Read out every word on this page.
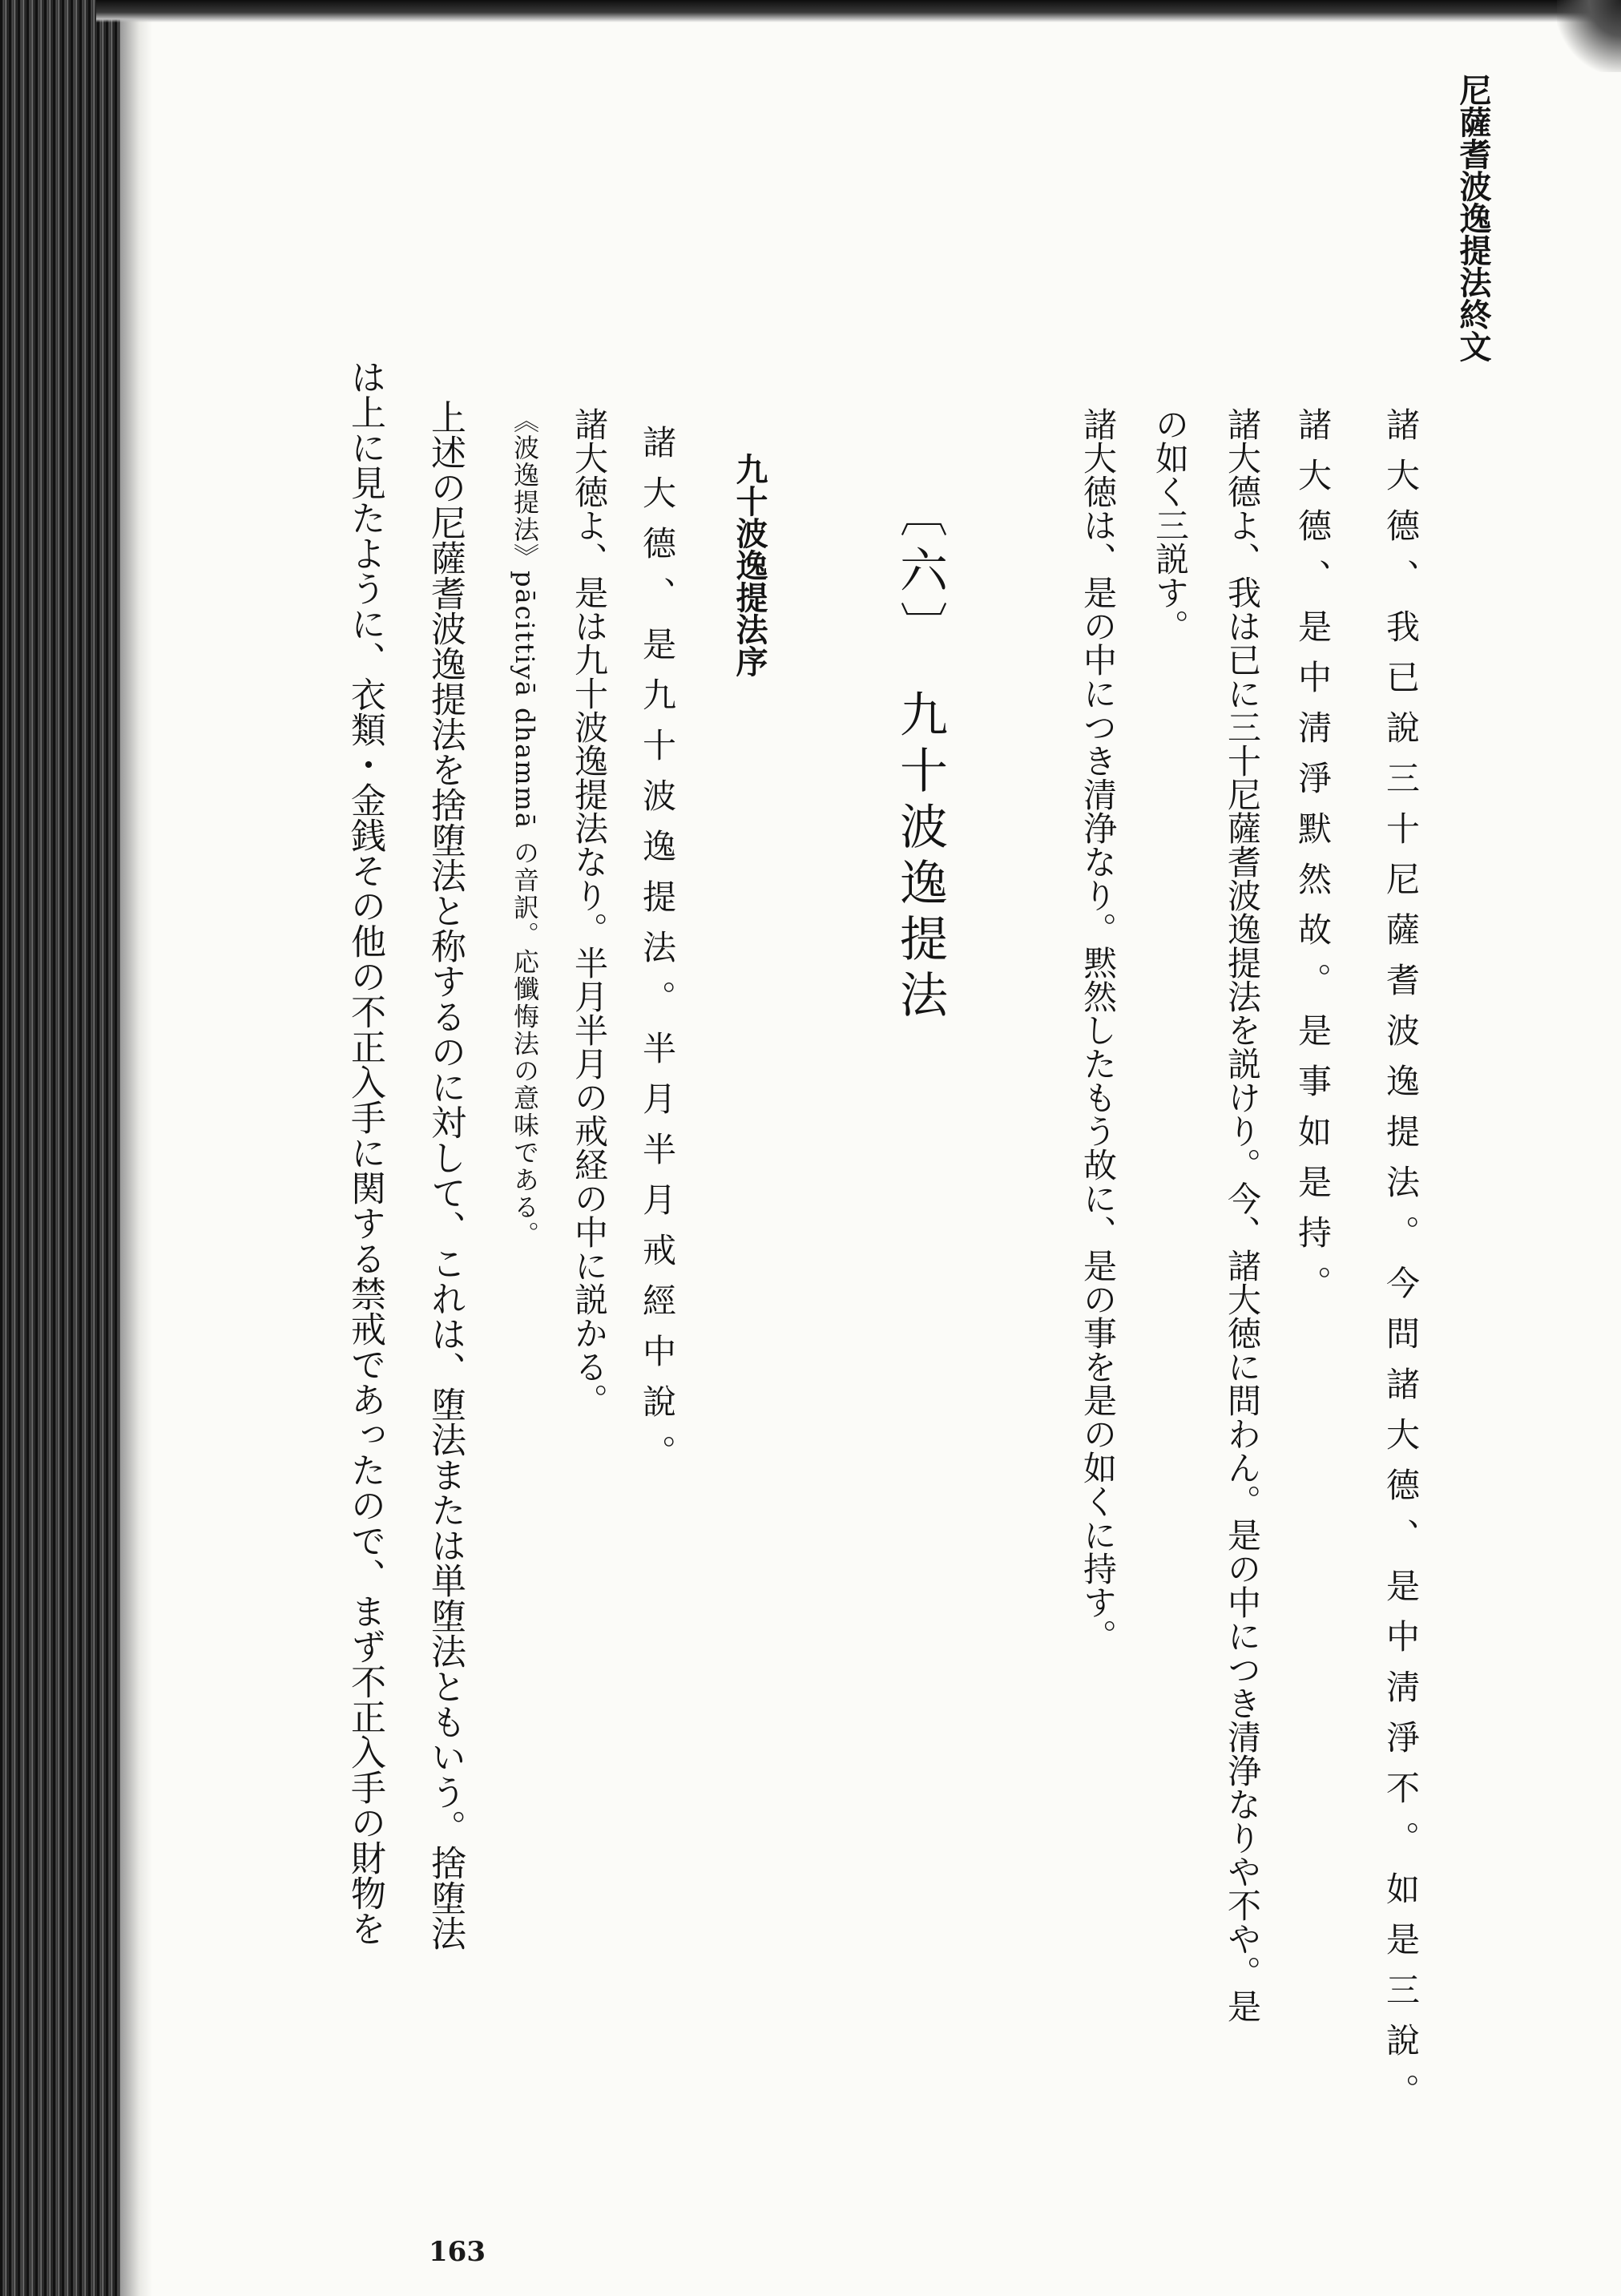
尼薩耆波逸提法終文
諸大德、我已說三十尼薩耆波逸提法。今問諸大德、是中淸淨不。如是三說。
諸大德、是中淸淨默然故。是事如是持。
諸大德よ、我は已に三十尼薩耆波逸提法を説けり。今、諸大徳に問わん。是の中につき清浄なりや不や。是
の如く三説す。
諸大徳は、是の中につき清浄なり。黙然したもう故に、是の事を是の如くに持す。
〔六〕九十波逸提法
九十波逸提法序
諸大德、是九十波逸提法。半月半月戒經中說。
諸大徳よ、是は九十波逸提法なり。半月半月の戒経の中に説かる。
《波逸提法》pācittiyā dhammā の音訳。応懺悔法の意味である。
上述の尼薩耆波逸提法を捨堕法と称するのに対して、これは、堕法または単堕法ともいう。捨堕法
は上に見たように、衣類・金銭その他の不正入手に関する禁戒であったので、まず不正入手の財物を
163
